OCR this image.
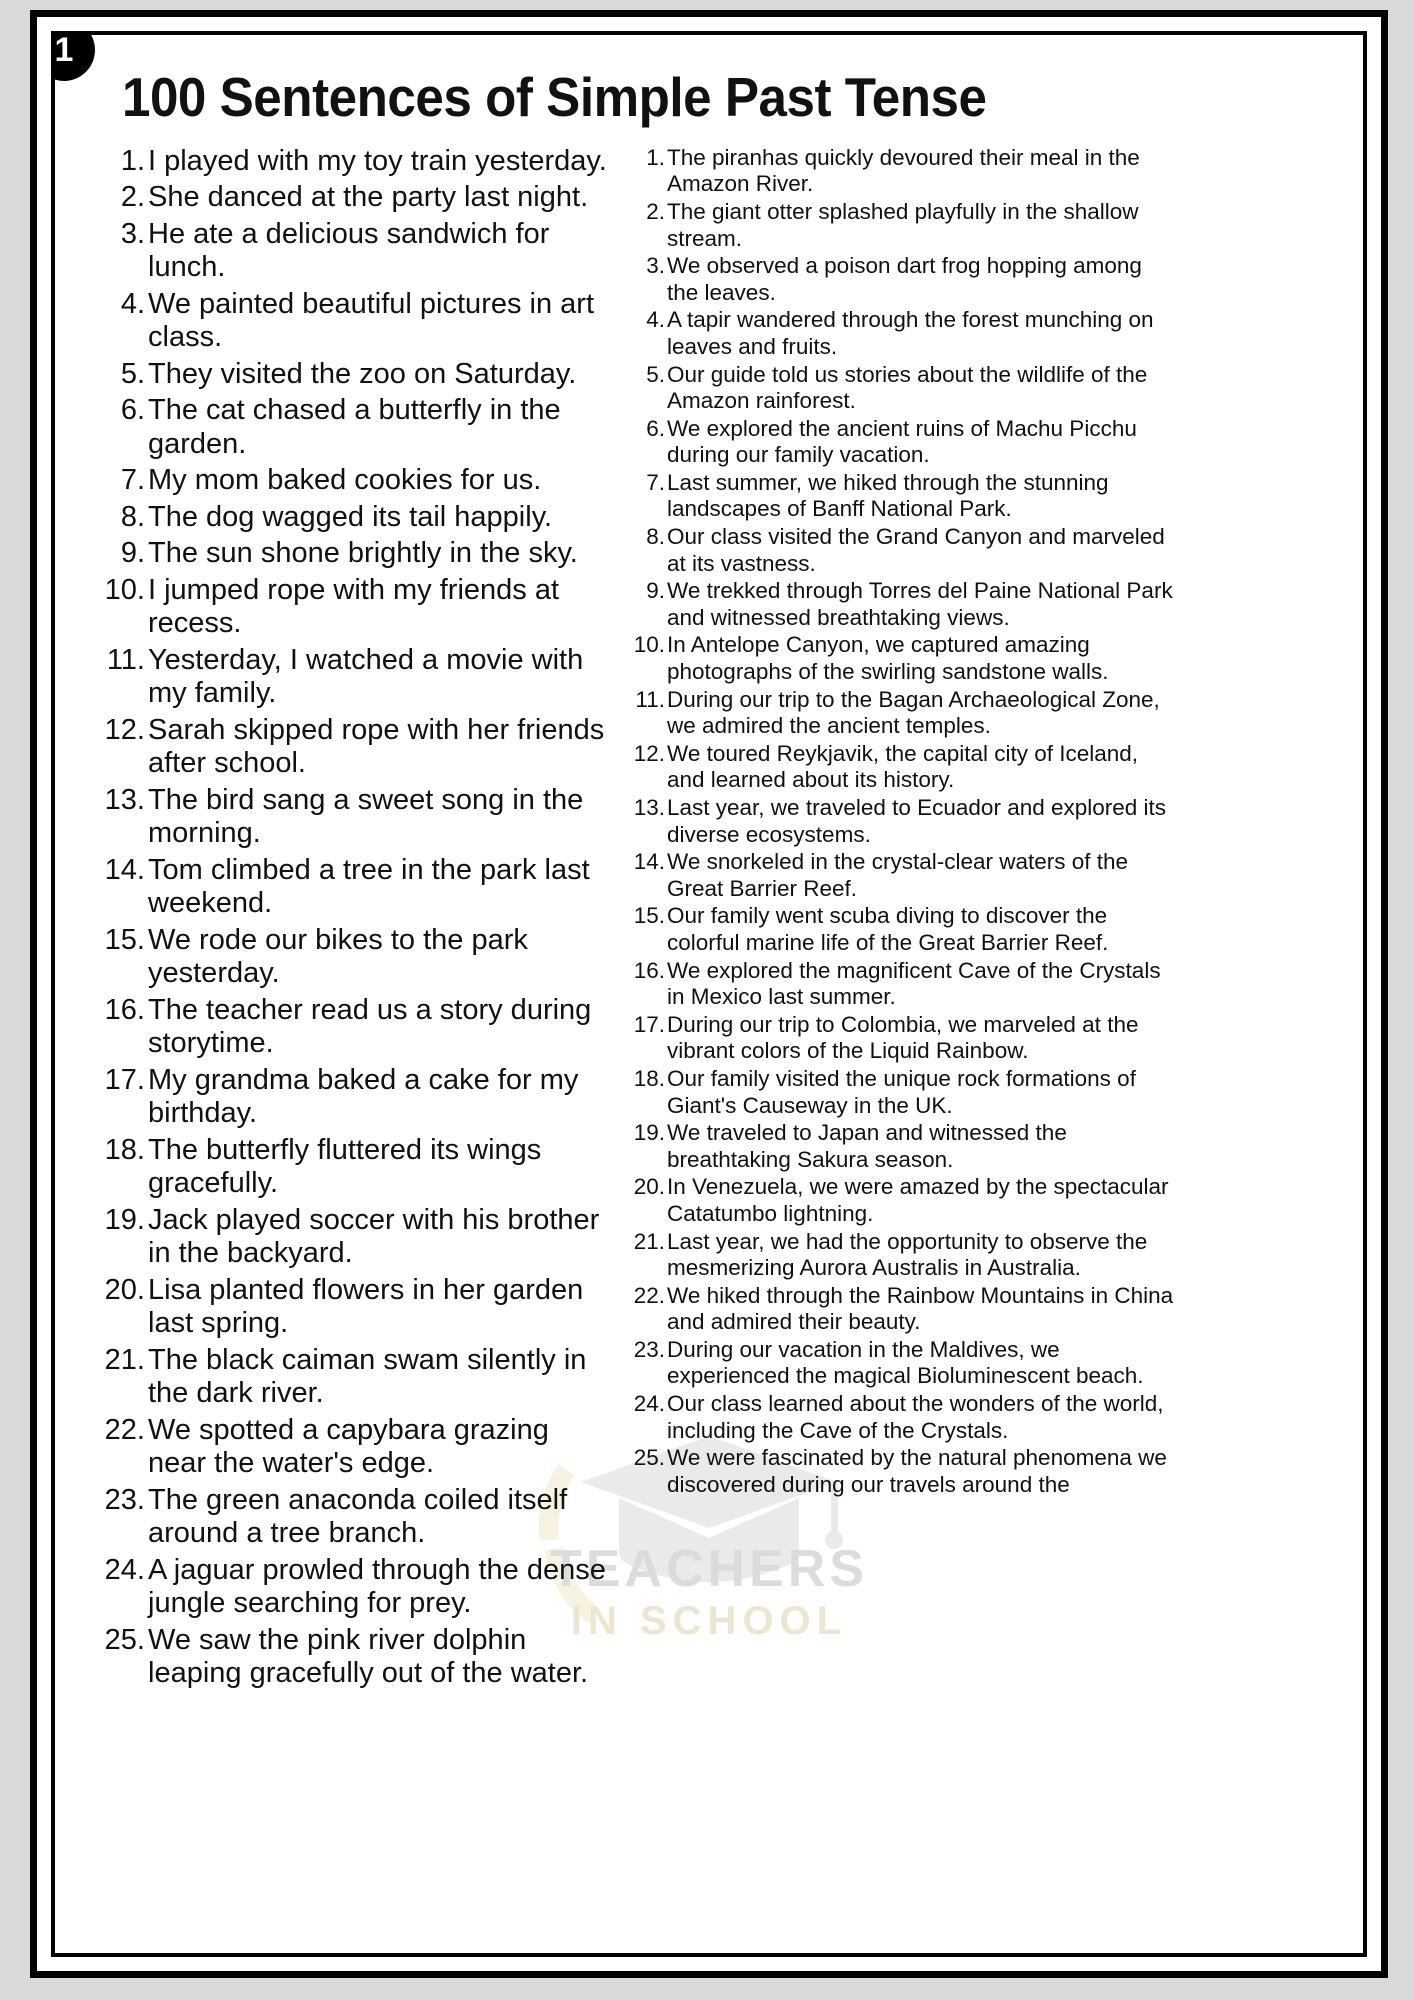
TEACHERS
IN SCHOOL
1
100 Sentences of Simple Past Tense
1. I played with my toy train yesterday.
2. She danced at the party last night.
3. He ate a delicious sandwich for lunch.
4. We painted beautiful pictures in art class.
5. They visited the zoo on Saturday.
6. The cat chased a butterfly in the garden.
7. My mom baked cookies for us.
8. The dog wagged its tail happily.
9. The sun shone brightly in the sky.
10. I jumped rope with my friends at recess.
11. Yesterday, I watched a movie with my family.
12. Sarah skipped rope with her friends after school.
13. The bird sang a sweet song in the morning.
14. Tom climbed a tree in the park last weekend.
15. We rode our bikes to the park yesterday.
16. The teacher read us a story during storytime.
17. My grandma baked a cake for my birthday.
18. The butterfly fluttered its wings gracefully.
19. Jack played soccer with his brother in the backyard.
20. Lisa planted flowers in her garden last spring.
21. The black caiman swam silently in the dark river.
22. We spotted a capybara grazing near the water's edge.
23. The green anaconda coiled itself around a tree branch.
24. A jaguar prowled through the dense jungle searching for prey.
25. We saw the pink river dolphin leaping gracefully out of the water.
1. The piranhas quickly devoured their meal in the Amazon River.
2. The giant otter splashed playfully in the shallow stream.
3. We observed a poison dart frog hopping among the leaves.
4. A tapir wandered through the forest munching on leaves and fruits.
5. Our guide told us stories about the wildlife of the Amazon rainforest.
6. We explored the ancient ruins of Machu Picchu during our family vacation.
7. Last summer, we hiked through the stunning landscapes of Banff National Park.
8. Our class visited the Grand Canyon and marveled at its vastness.
9. We trekked through Torres del Paine National Park and witnessed breathtaking views.
10. In Antelope Canyon, we captured amazing photographs of the swirling sandstone walls.
11. During our trip to the Bagan Archaeological Zone, we admired the ancient temples.
12. We toured Reykjavik, the capital city of Iceland, and learned about its history.
13. Last year, we traveled to Ecuador and explored its diverse ecosystems.
14. We snorkeled in the crystal-clear waters of the Great Barrier Reef.
15. Our family went scuba diving to discover the colorful marine life of the Great Barrier Reef.
16. We explored the magnificent Cave of the Crystals in Mexico last summer.
17. During our trip to Colombia, we marveled at the vibrant colors of the Liquid Rainbow.
18. Our family visited the unique rock formations of Giant's Causeway in the UK.
19. We traveled to Japan and witnessed the breathtaking Sakura season.
20. In Venezuela, we were amazed by the spectacular Catatumbo lightning.
21. Last year, we had the opportunity to observe the mesmerizing Aurora Australis in Australia.
22. We hiked through the Rainbow Mountains in China and admired their beauty.
23. During our vacation in the Maldives, we experienced the magical Bioluminescent beach.
24. Our class learned about the wonders of the world, including the Cave of the Crystals.
25. We were fascinated by the natural phenomena we discovered during our travels around the
